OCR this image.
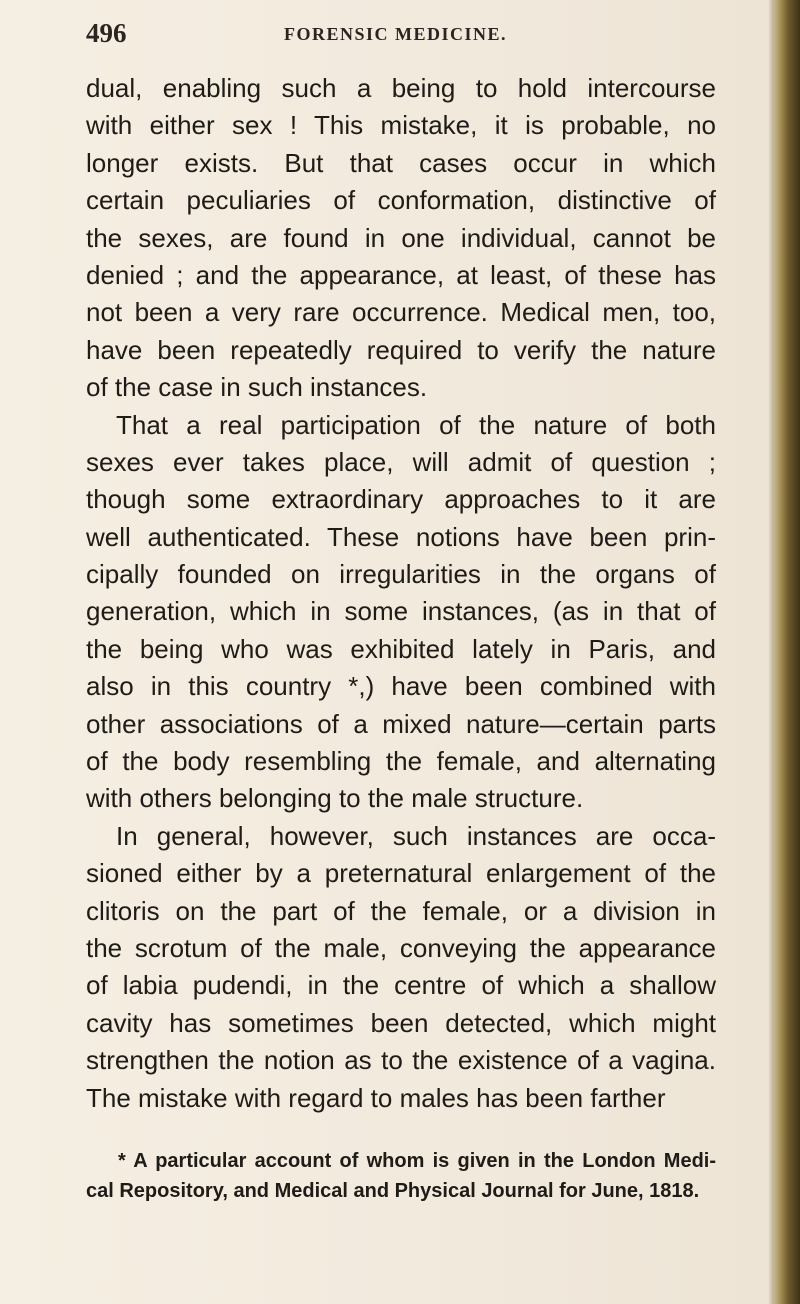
496	FORENSIC MEDICINE.
dual, enabling such a being to hold intercourse
with either sex ! This mistake, it is probable, no
longer exists. But that cases occur in which
certain peculiaries of conformation, distinctive of
the sexes, are found in one individual, cannot be
denied ; and the appearance, at least, of these has
not been a very rare occurrence. Medical men, too,
have been repeatedly required to verify the nature
of the case in such instances.
That a real participation of the nature of both
sexes ever takes place, will admit of question ;
though some extraordinary approaches to it are
well authenticated. These notions have been prin-
cipally founded on irregularities in the organs of
generation, which in some instances, (as in that of
the being who was exhibited lately in Paris, and
also in this country *,) have been combined with
other associations of a mixed nature—certain parts
of the body resembling the female, and alternating
with others belonging to the male structure.
In general, however, such instances are occa-
sioned either by a preternatural enlargement of the
clitoris on the part of the female, or a division in
the scrotum of the male, conveying the appearance
of labia pudendi, in the centre of which a shallow
cavity has sometimes been detected, which might
strengthen the notion as to the existence of a vagina.
The mistake with regard to males has been farther
* A particular account of whom is given in the London Medi-
cal Repository, and Medical and Physical Journal for June, 1818.
